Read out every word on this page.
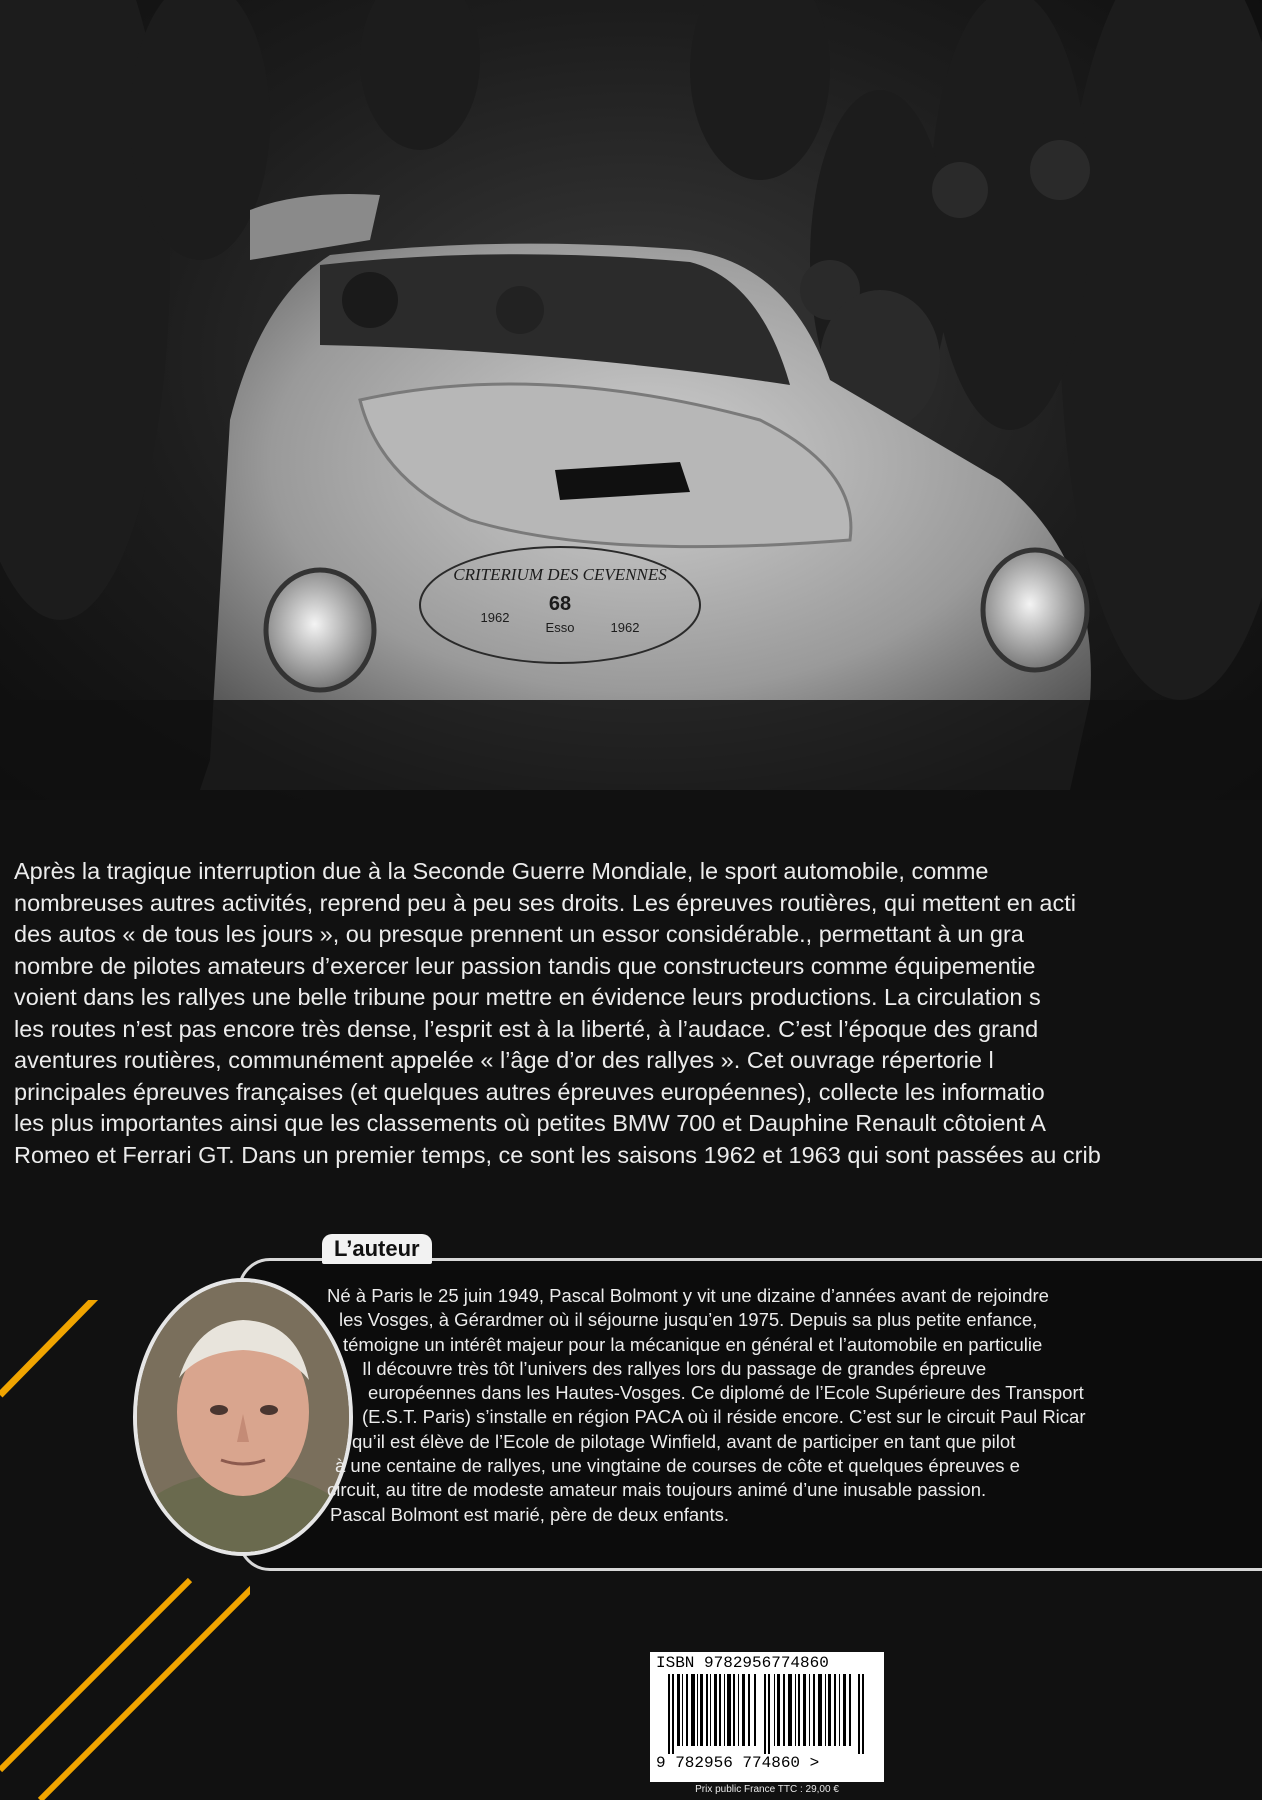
CRITERIUM DES CEVENNES
68
Esso
1962
1962
Après la tragique interruption due à la Seconde Guerre Mondiale, le sport automobile, comme
nombreuses autres activités, reprend peu à peu ses droits. Les épreuves routières, qui mettent en acti
des autos « de tous les jours », ou presque prennent un essor considérable., permettant à un gra
nombre de pilotes amateurs d’exercer leur passion tandis que constructeurs comme équipementie
voient dans les rallyes une belle tribune pour mettre en évidence leurs productions. La circulation s
les routes n’est pas encore très dense, l’esprit est à la liberté, à l’audace. C’est l’époque des grand
aventures routières, communément appelée « l’âge d’or des rallyes ». Cet ouvrage répertorie l
principales épreuves françaises (et quelques autres épreuves européennes), collecte les informatio
les plus importantes ainsi que les classements où petites BMW 700 et Dauphine Renault côtoient A
Romeo et Ferrari GT. Dans un premier temps, ce sont les saisons 1962 et 1963 qui sont passées au crib
L’auteur
Né à Paris le 25 juin 1949, Pascal Bolmont y vit une dizaine d’années avant de rejoindre
les Vosges, à Gérardmer où il séjourne jusqu’en 1975. Depuis sa plus petite enfance,
témoigne un intérêt majeur pour la mécanique en général et l’automobile en particulie
Il découvre très tôt l’univers des rallyes lors du passage de grandes épreuve
européennes dans les Hautes-Vosges. Ce diplomé de l’Ecole Supérieure des Transport
(E.S.T. Paris) s’installe en région PACA où il réside encore. C’est sur le circuit Paul Ricar
qu’il est élève de l’Ecole de pilotage Winfield, avant de participer en tant que pilot
à une centaine de rallyes, une vingtaine de courses de côte et quelques épreuves e
circuit, au titre de modeste amateur mais toujours animé d’une inusable passion.
Pascal Bolmont est marié, père de deux enfants.
ISBN 9782956774860
9 782956 774860 >
Prix public France TTC : 29,00 €
